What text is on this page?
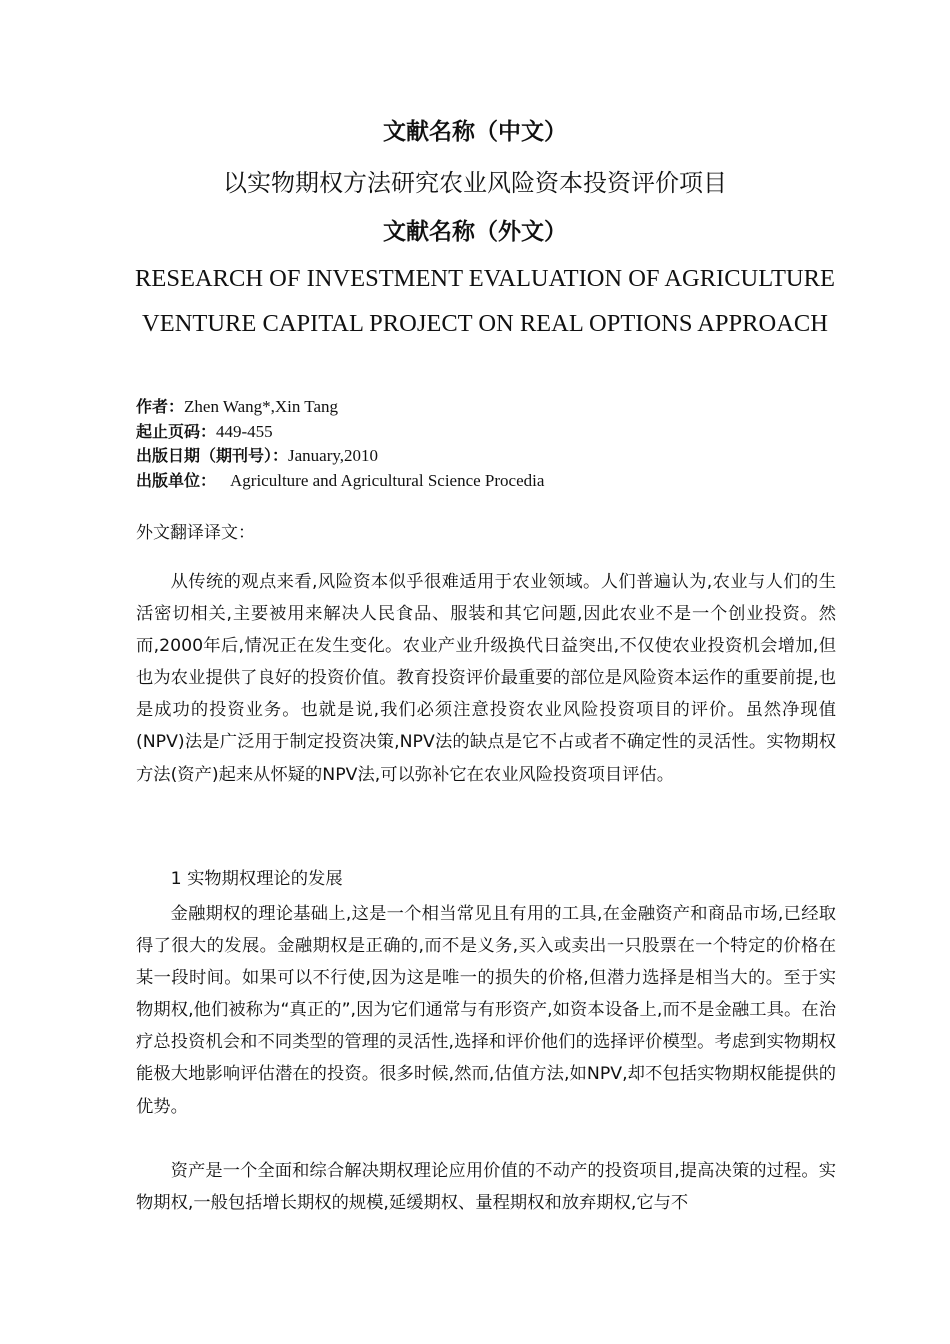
文献名称（中文）
以实物期权方法研究农业风险资本投资评价项目
文献名称（外文）
RESEARCH OF INVESTMENT EVALUATION OF AGRICULTURE VENTURE CAPITAL PROJECT ON REAL OPTIONS APPROACH
作者：Zhen Wang*,Xin Tang
起止页码：449-455
出版日期（期刊号）：January,2010
出版单位： Agriculture and Agricultural Science Procedia
外文翻译译文：

从传统的观点来看,风险资本似乎很难适用于农业领域。人们普遍认为,农业与人们的生活密切相关,主要被用来解决人民食品、服装和其它问题,因此农业不是一个创业投资。然而,2000年后,情况正在发生变化。农业产业升级换代日益突出,不仅使农业投资机会增加,但也为农业提供了良好的投资价值。教育投资评价最重要的部位是风险资本运作的重要前提,也是成功的投资业务。也就是说,我们必须注意投资农业风险投资项目的评价。虽然净现值(NPV)法是广泛用于制定投资决策,NPV法的缺点是它不占或者不确定性的灵活性。实物期权方法(资产)起来从怀疑的NPV法,可以弥补它在农业风险投资项目评估。

1 实物期权理论的发展

金融期权的理论基础上,这是一个相当常见且有用的工具,在金融资产和商品市场,已经取得了很大的发展。金融期权是正确的,而不是义务,买入或卖出一只股票在一个特定的价格在某一段时间。如果可以不行使,因为这是唯一的损失的价格,但潜力选择是相当大的。至于实物期权,他们被称为“真正的”,因为它们通常与有形资产,如资本设备上,而不是金融工具。在治疗总投资机会和不同类型的管理的灵活性,选择和评价他们的选择评价模型。考虑到实物期权能极大地影响评估潜在的投资。很多时候,然而,估值方法,如NPV,却不包括实物期权能提供的优势。

资产是一个全面和综合解决期权理论应用价值的不动产的投资项目,提高决策的过程。实物期权,一般包括增长期权的规模,延缓期权、量程期权和放弃期权,它与不
